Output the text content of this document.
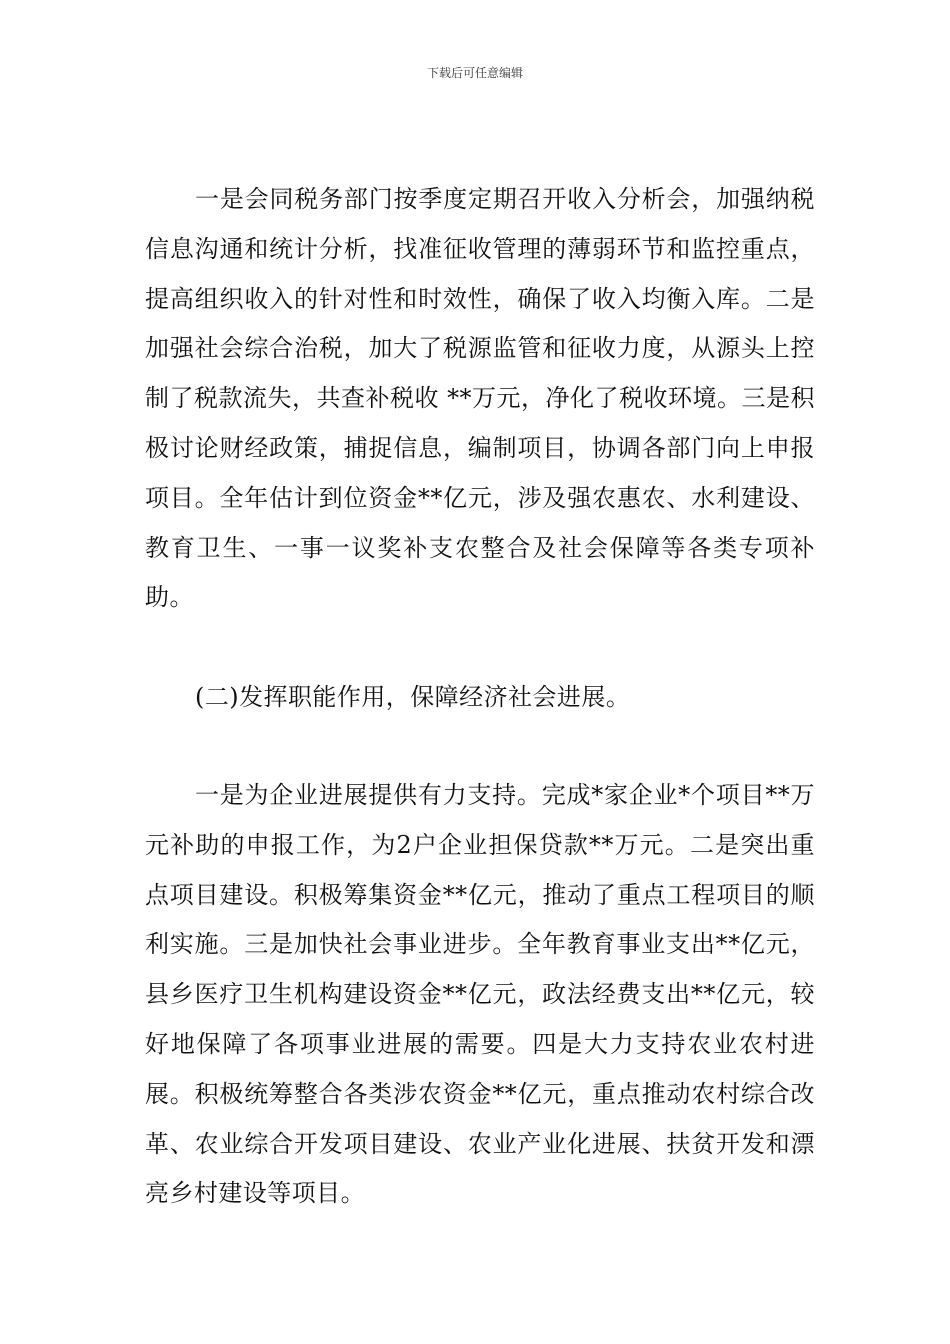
下载后可任意编辑

一是会同税务部门按季度定期召开收入分析会，加强纳税信息沟通和统计分析，找准征收管理的薄弱环节和监控重点，提高组织收入的针对性和时效性，确保了收入均衡入库。二是加强社会综合治税，加大了税源监管和征收力度，从源头上控制了税款流失，共查补税收 **万元，净化了税收环境。三是积极讨论财经政策，捕捉信息，编制项目，协调各部门向上申报项目。全年估计到位资金**亿元，涉及强农惠农、水利建设、教育卫生、一事一议奖补支农整合及社会保障等各类专项补助。

(二)发挥职能作用，保障经济社会进展。

一是为企业进展提供有力支持。完成*家企业*个项目**万元补助的申报工作，为2户企业担保贷款**万元。二是突出重点项目建设。积极筹集资金**亿元，推动了重点工程项目的顺利实施。三是加快社会事业进步。全年教育事业支出**亿元，县乡医疗卫生机构建设资金**亿元，政法经费支出**亿元，较好地保障了各项事业进展的需要。四是大力支持农业农村进展。积极统筹整合各类涉农资金**亿元，重点推动农村综合改革、农业综合开发项目建设、农业产业化进展、扶贫开发和漂亮乡村建设等项目。
